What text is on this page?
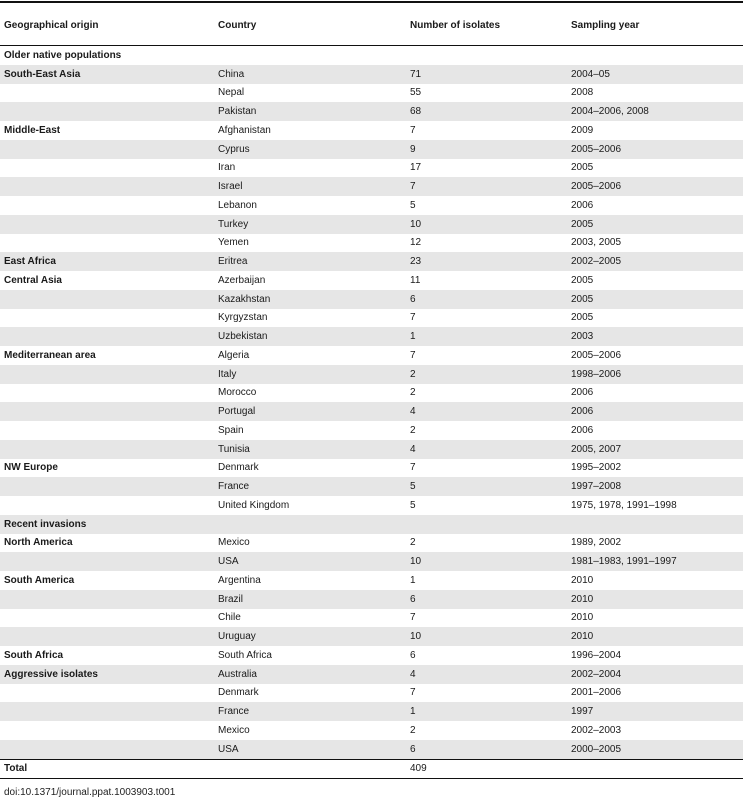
Geographical origin	Country	Number of isolates	Sampling year
Older native populations			
South-East Asia	China	71	2004–05
	Nepal	55	2008
	Pakistan	68	2004–2006, 2008
Middle-East	Afghanistan	7	2009
	Cyprus	9	2005–2006
	Iran	17	2005
	Israel	7	2005–2006
	Lebanon	5	2006
	Turkey	10	2005
	Yemen	12	2003, 2005
East Africa	Eritrea	23	2002–2005
Central Asia	Azerbaijan	11	2005
	Kazakhstan	6	2005
	Kyrgyzstan	7	2005
	Uzbekistan	1	2003
Mediterranean area	Algeria	7	2005–2006
	Italy	2	1998–2006
	Morocco	2	2006
	Portugal	4	2006
	Spain	2	2006
	Tunisia	4	2005, 2007
NW Europe	Denmark	7	1995–2002
	France	5	1997–2008
	United Kingdom	5	1975, 1978, 1991–1998
Recent invasions			
North America	Mexico	2	1989, 2002
	USA	10	1981–1983, 1991–1997
South America	Argentina	1	2010
	Brazil	6	2010
	Chile	7	2010
	Uruguay	10	2010
South Africa	South Africa	6	1996–2004
Aggressive isolates	Australia	4	2002–2004
	Denmark	7	2001–2006
	France	1	1997
	Mexico	2	2002–2003
	USA	6	2000–2005
Total		409	
doi:10.1371/journal.ppat.1003903.t001
